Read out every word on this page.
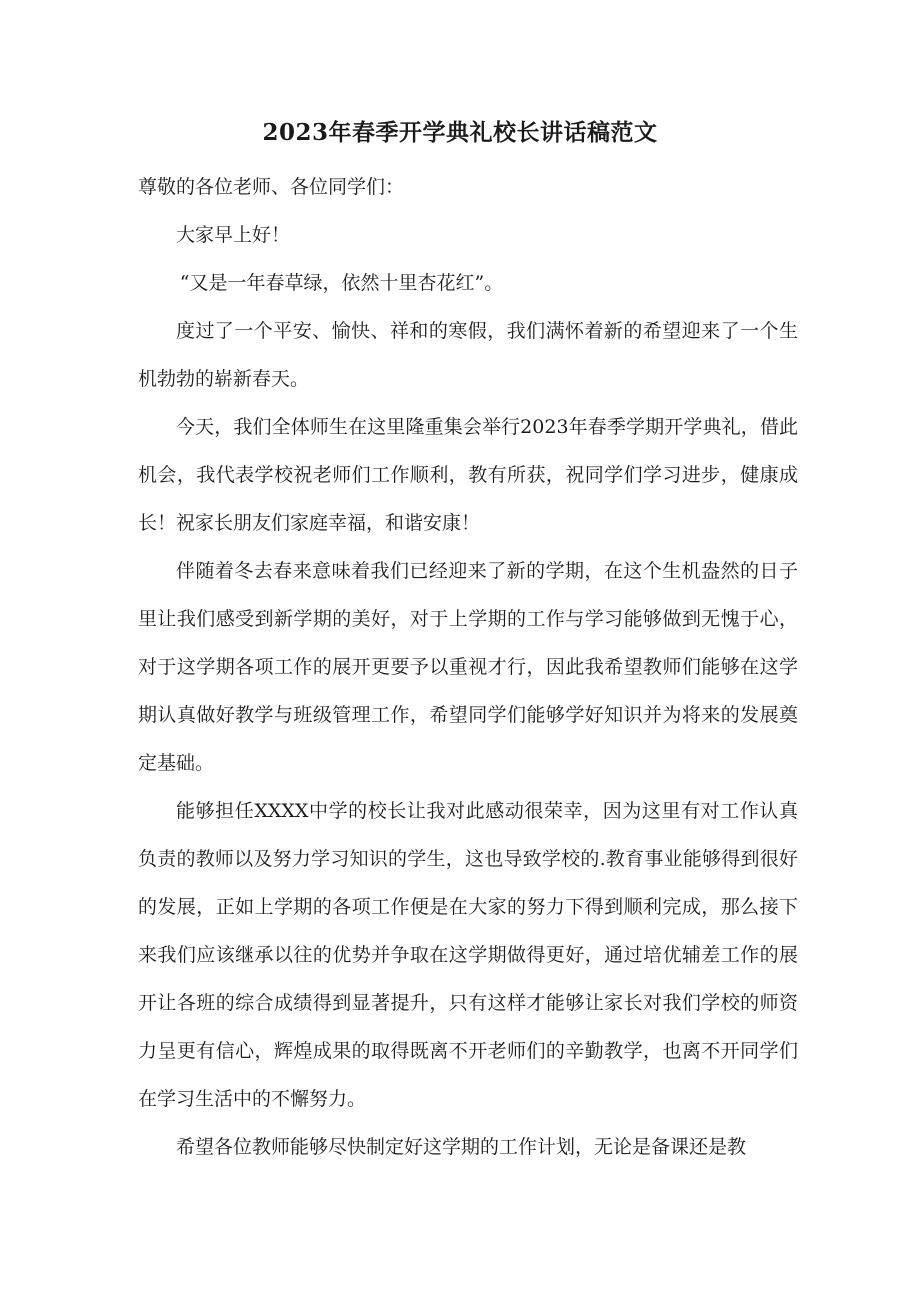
2023年春季开学典礼校长讲话稿范文

尊敬的各位老师、各位同学们：

大家早上好！

“又是一年春草绿，依然十里杏花红”。

度过了一个平安、愉快、祥和的寒假，我们满怀着新的希望迎来了一个生机勃勃的崭新春天。

今天，我们全体师生在这里隆重集会举行2023年春季学期开学典礼，借此机会，我代表学校祝老师们工作顺利，教有所获，祝同学们学习进步，健康成长！祝家长朋友们家庭幸福，和谐安康！

伴随着冬去春来意味着我们已经迎来了新的学期，在这个生机盎然的日子里让我们感受到新学期的美好，对于上学期的工作与学习能够做到无愧于心，对于这学期各项工作的展开更要予以重视才行，因此我希望教师们能够在这学期认真做好教学与班级管理工作，希望同学们能够学好知识并为将来的发展奠定基础。

能够担任XXXX中学的校长让我对此感动很荣幸，因为这里有对工作认真负责的教师以及努力学习知识的学生，这也导致学校的.教育事业能够得到很好的发展，正如上学期的各项工作便是在大家的努力下得到顺利完成，那么接下来我们应该继承以往的优势并争取在这学期做得更好，通过培优辅差工作的展开让各班的综合成绩得到显著提升，只有这样才能够让家长对我们学校的师资力呈更有信心，辉煌成果的取得既离不开老师们的辛勤教学，也离不开同学们在学习生活中的不懈努力。

希望各位教师能够尽快制定好这学期的工作计划，无论是备课还是教
